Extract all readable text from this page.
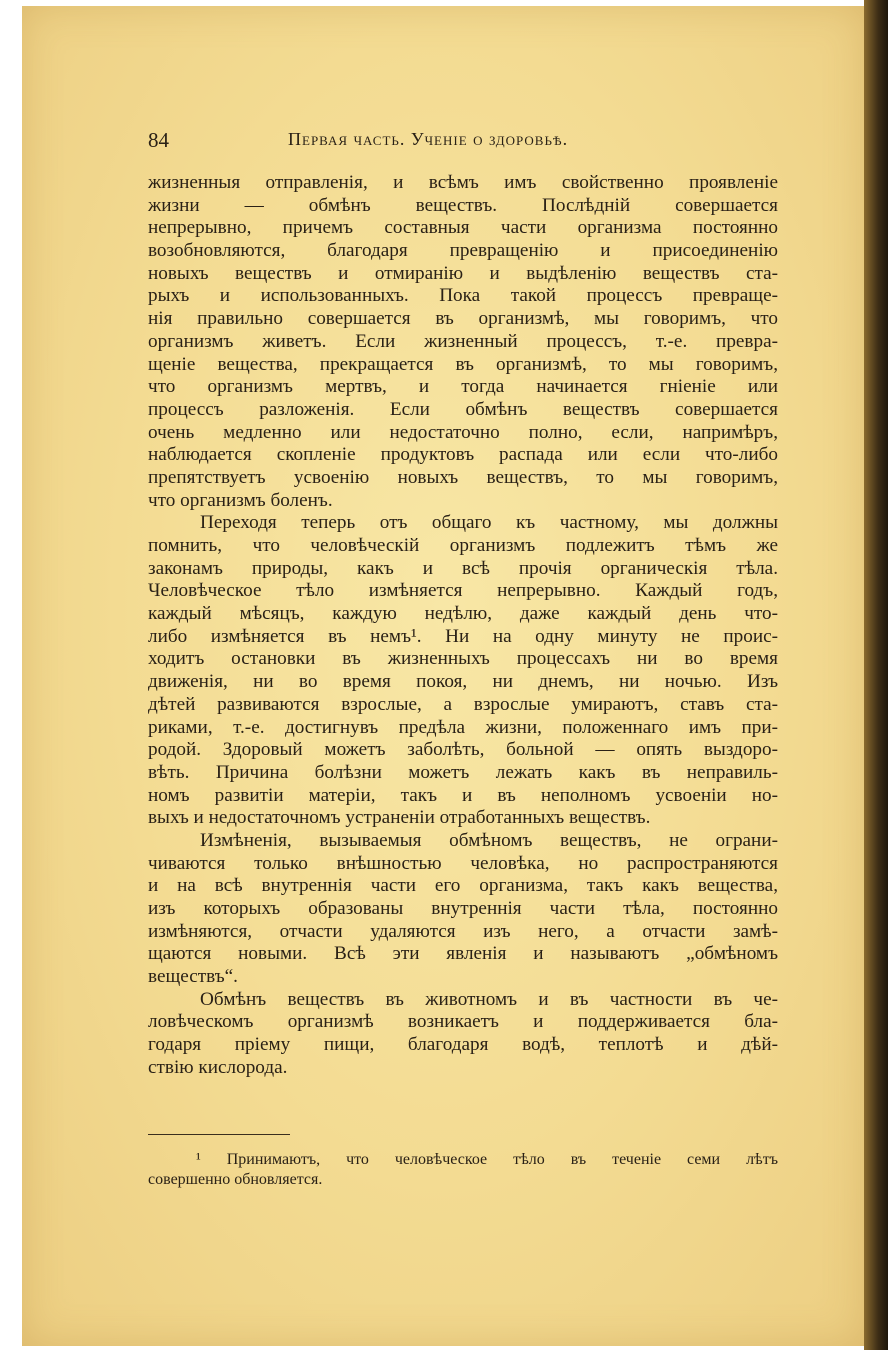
84	Первая часть. Ученіе о здоровьѣ.
жизненныя отправленія, и всѣмъ имъ свойственно проявленіе
жизни — обмѣнъ веществъ. Послѣдній совершается
непрерывно, причемъ составныя части организма постоянно
возобновляются, благодаря превращенію и присоединенію
новыхъ веществъ и отмиранію и выдѣленію веществъ ста-
рыхъ и использованныхъ. Пока такой процессъ превраще-
нія правильно совершается въ организмѣ, мы говоримъ, что
организмъ живетъ. Если жизненный процессъ, т.-е. превра-
щеніе вещества, прекращается въ организмѣ, то мы говоримъ,
что организмъ мертвъ, и тогда начинается гніеніе или
процессъ разложенія. Если обмѣнъ веществъ совершается
очень медленно или недостаточно полно, если, напримѣръ,
наблюдается скопленіе продуктовъ распада или если что-либо
препятствуетъ усвоенію новыхъ веществъ, то мы говоримъ,
что организмъ боленъ.
Переходя теперь отъ общаго къ частному, мы должны
помнить, что человѣческій организмъ подлежитъ тѣмъ же
законамъ природы, какъ и всѣ прочія органическія тѣла.
Человѣческое тѣло измѣняется непрерывно. Каждый годъ,
каждый мѣсяцъ, каждую недѣлю, даже каждый день что-
либо измѣняется въ немъ¹. Ни на одну минуту не проис-
ходитъ остановки въ жизненныхъ процессахъ ни во время
движенія, ни во время покоя, ни днемъ, ни ночью. Изъ
дѣтей развиваются взрослые, а взрослые умираютъ, ставъ ста-
риками, т.-е. достигнувъ предѣла жизни, положеннаго имъ при-
родой. Здоровый можетъ заболѣть, больной — опять выздоро-
вѣть. Причина болѣзни можетъ лежать какъ въ неправиль-
номъ развитіи матеріи, такъ и въ неполномъ усвоеніи но-
выхъ и недостаточномъ устраненіи отработанныхъ веществъ.
Измѣненія, вызываемыя обмѣномъ веществъ, не ограни-
чиваются только внѣшностью человѣка, но распространяются
и на всѣ внутреннія части его организма, такъ какъ вещества,
изъ которыхъ образованы внутреннія части тѣла, постоянно
измѣняются, отчасти удаляются изъ него, а отчасти замѣ-
щаются новыми. Всѣ эти явленія и называютъ „обмѣномъ
веществъ“.
Обмѣнъ веществъ въ животномъ и въ частности въ че-
ловѣческомъ организмѣ возникаетъ и поддерживается бла-
годаря пріему пищи, благодаря водѣ, теплотѣ и дѣй-
ствію кислорода.
¹ Принимаютъ, что человѣческое тѣло въ теченіе семи лѣтъ
совершенно обновляется.
